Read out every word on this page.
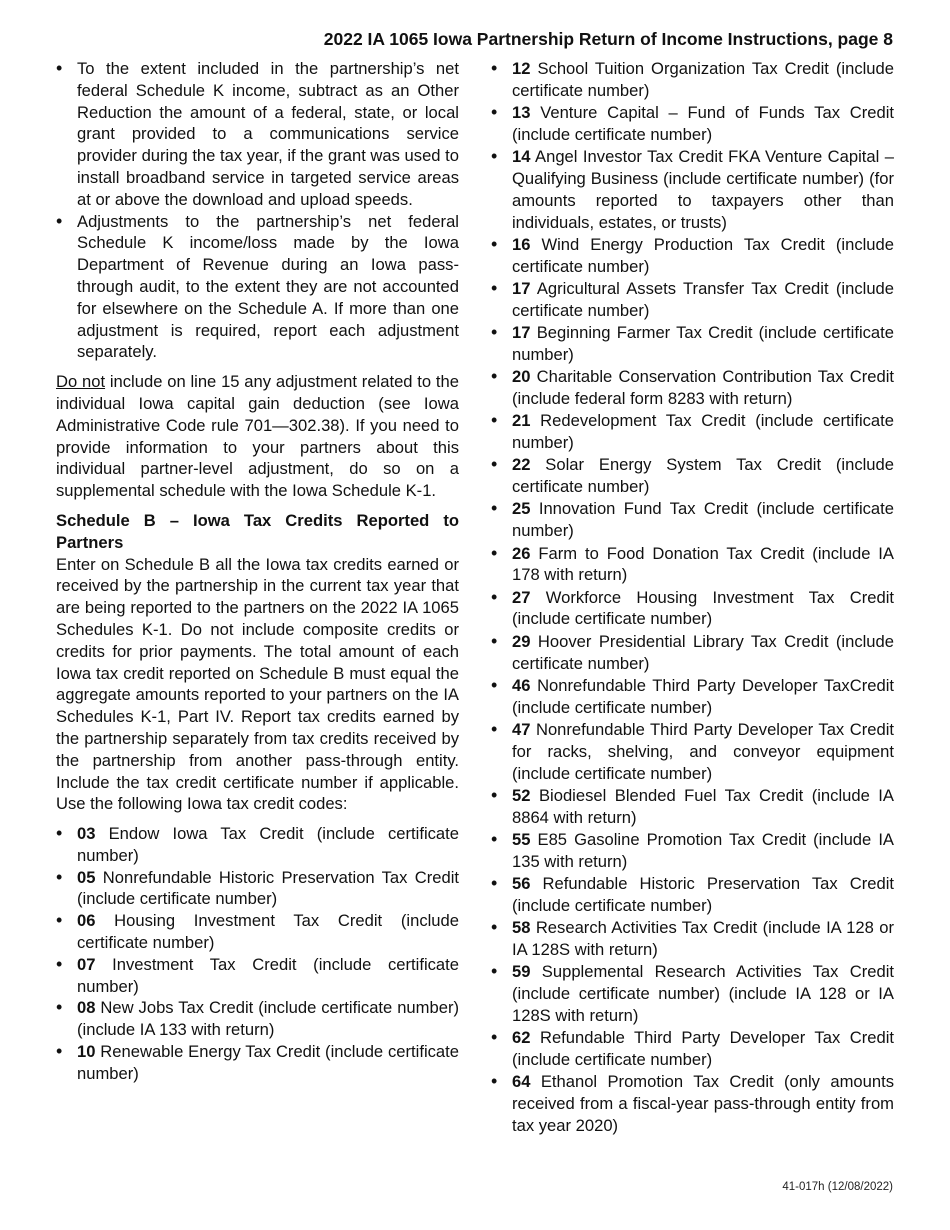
2022 IA 1065 Iowa Partnership Return of Income Instructions, page 8
• To the extent included in the partnership’s net federal Schedule K income, subtract as an Other Reduction the amount of a federal, state, or local grant provided to a communications service provider during the tax year, if the grant was used to install broadband service in targeted service areas at or above the download and upload speeds.
• Adjustments to the partnership’s net federal Schedule K income/loss made by the Iowa Department of Revenue during an Iowa pass-through audit, to the extent they are not accounted for elsewhere on the Schedule A. If more than one adjustment is required, report each adjustment separately.

Do not include on line 15 any adjustment related to the individual Iowa capital gain deduction (see Iowa Administrative Code rule 701—302.38). If you need to provide information to your partners about this individual partner-level adjustment, do so on a supplemental schedule with the Iowa Schedule K-1.

Schedule B – Iowa Tax Credits Reported to Partners

Enter on Schedule B all the Iowa tax credits earned or received by the partnership in the current tax year that are being reported to the partners on the 2022 IA 1065 Schedules K-1. Do not include composite credits or credits for prior payments. The total amount of each Iowa tax credit reported on Schedule B must equal the aggregate amounts reported to your partners on the IA Schedules K-1, Part IV. Report tax credits earned by the partnership separately from tax credits received by the partnership from another pass-through entity. Include the tax credit certificate number if applicable. Use the following Iowa tax credit codes:

• 03 Endow Iowa Tax Credit (include certificate number)
• 05 Nonrefundable Historic Preservation Tax Credit (include certificate number)
• 06 Housing Investment Tax Credit (include certificate number)
• 07 Investment Tax Credit (include certificate number)
• 08 New Jobs Tax Credit (include certificate number) (include IA 133 with return)
• 10 Renewable Energy Tax Credit (include certificate number)
• 12 School Tuition Organization Tax Credit (include certificate number)
• 13 Venture Capital – Fund of Funds Tax Credit (include certificate number)
• 14 Angel Investor Tax Credit FKA Venture Capital – Qualifying Business (include certificate number) (for amounts reported to taxpayers other than individuals, estates, or trusts)
• 16 Wind Energy Production Tax Credit (include certificate number)
• 17 Agricultural Assets Transfer Tax Credit (include certificate number)
• 17 Beginning Farmer Tax Credit (include certificate number)
• 20 Charitable Conservation Contribution Tax Credit (include federal form 8283 with return)
• 21 Redevelopment Tax Credit (include certificate number)
• 22 Solar Energy System Tax Credit (include certificate number)
• 25 Innovation Fund Tax Credit (include certificate number)
• 26 Farm to Food Donation Tax Credit (include IA 178 with return)
• 27 Workforce Housing Investment Tax Credit (include certificate number)
• 29 Hoover Presidential Library Tax Credit (include certificate number)
• 46 Nonrefundable Third Party Developer TaxCredit (include certificate number)
• 47 Nonrefundable Third Party Developer Tax Credit for racks, shelving, and conveyor equipment (include certificate number)
• 52 Biodiesel Blended Fuel Tax Credit (include IA 8864 with return)
• 55 E85 Gasoline Promotion Tax Credit (include IA 135 with return)
• 56 Refundable Historic Preservation Tax Credit (include certificate number)
• 58 Research Activities Tax Credit (include IA 128 or IA 128S with return)
• 59 Supplemental Research Activities Tax Credit (include certificate number) (include IA 128 or IA 128S with return)
• 62 Refundable Third Party Developer Tax Credit (include certificate number)
• 64 Ethanol Promotion Tax Credit (only amounts received from a fiscal-year pass-through entity from tax year 2020)
41-017h (12/08/2022)
